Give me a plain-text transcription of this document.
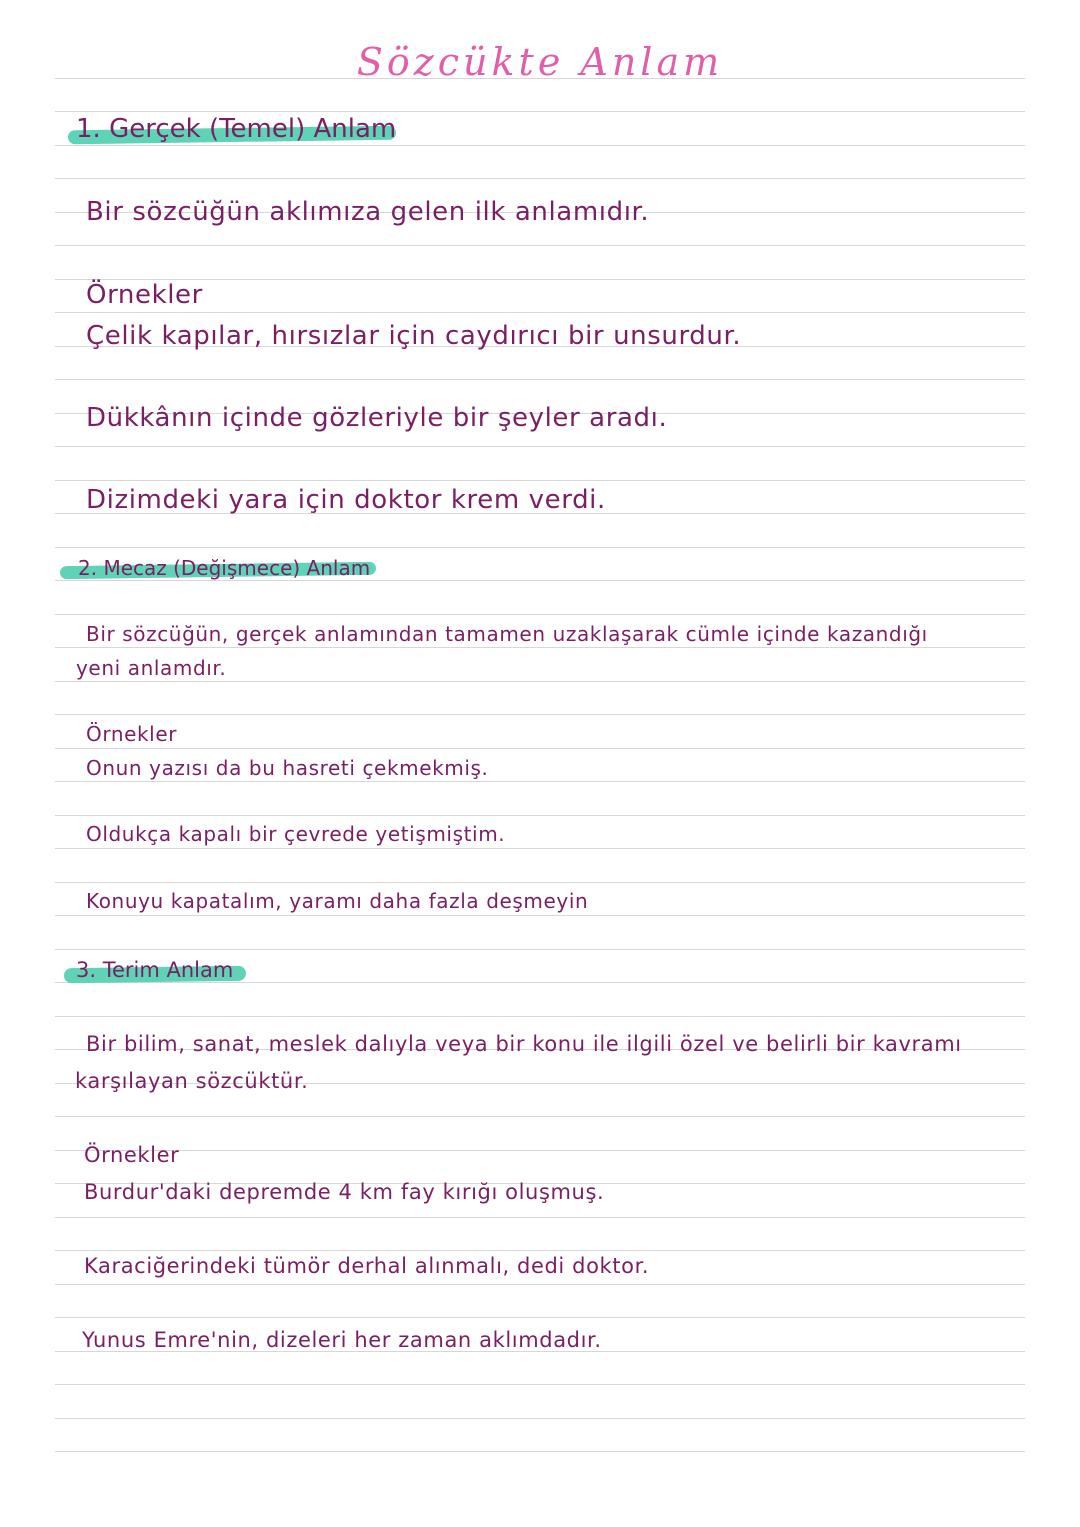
Sözcükte Anlam
1. Gerçek (Temel) Anlam
Bir sözcüğün aklımıza gelen ilk anlamıdır.
Örnekler
Çelik kapılar, hırsızlar için caydırıcı bir unsurdur.
Dükkânın içinde gözleriyle bir şeyler aradı.
Dizimdeki yara için doktor krem verdi.
2. Mecaz (Değişmece) Anlam
Bir sözcüğün, gerçek anlamından tamamen uzaklaşarak cümle içinde kazandığı
yeni anlamdır.
Örnekler
Onun yazısı da bu hasreti çekmekmiş.
Oldukça kapalı bir çevrede yetişmiştim.
Konuyu kapatalım, yaramı daha fazla deşmeyin
3. Terim Anlam
Bir bilim, sanat, meslek dalıyla veya bir konu ile ilgili özel ve belirli bir kavramı
karşılayan sözcüktür.
Örnekler
Burdur'daki depremde 4 km fay kırığı oluşmuş.
Karaciğerindeki tümör derhal alınmalı, dedi doktor.
Yunus Emre'nin, dizeleri her zaman aklımdadır.
